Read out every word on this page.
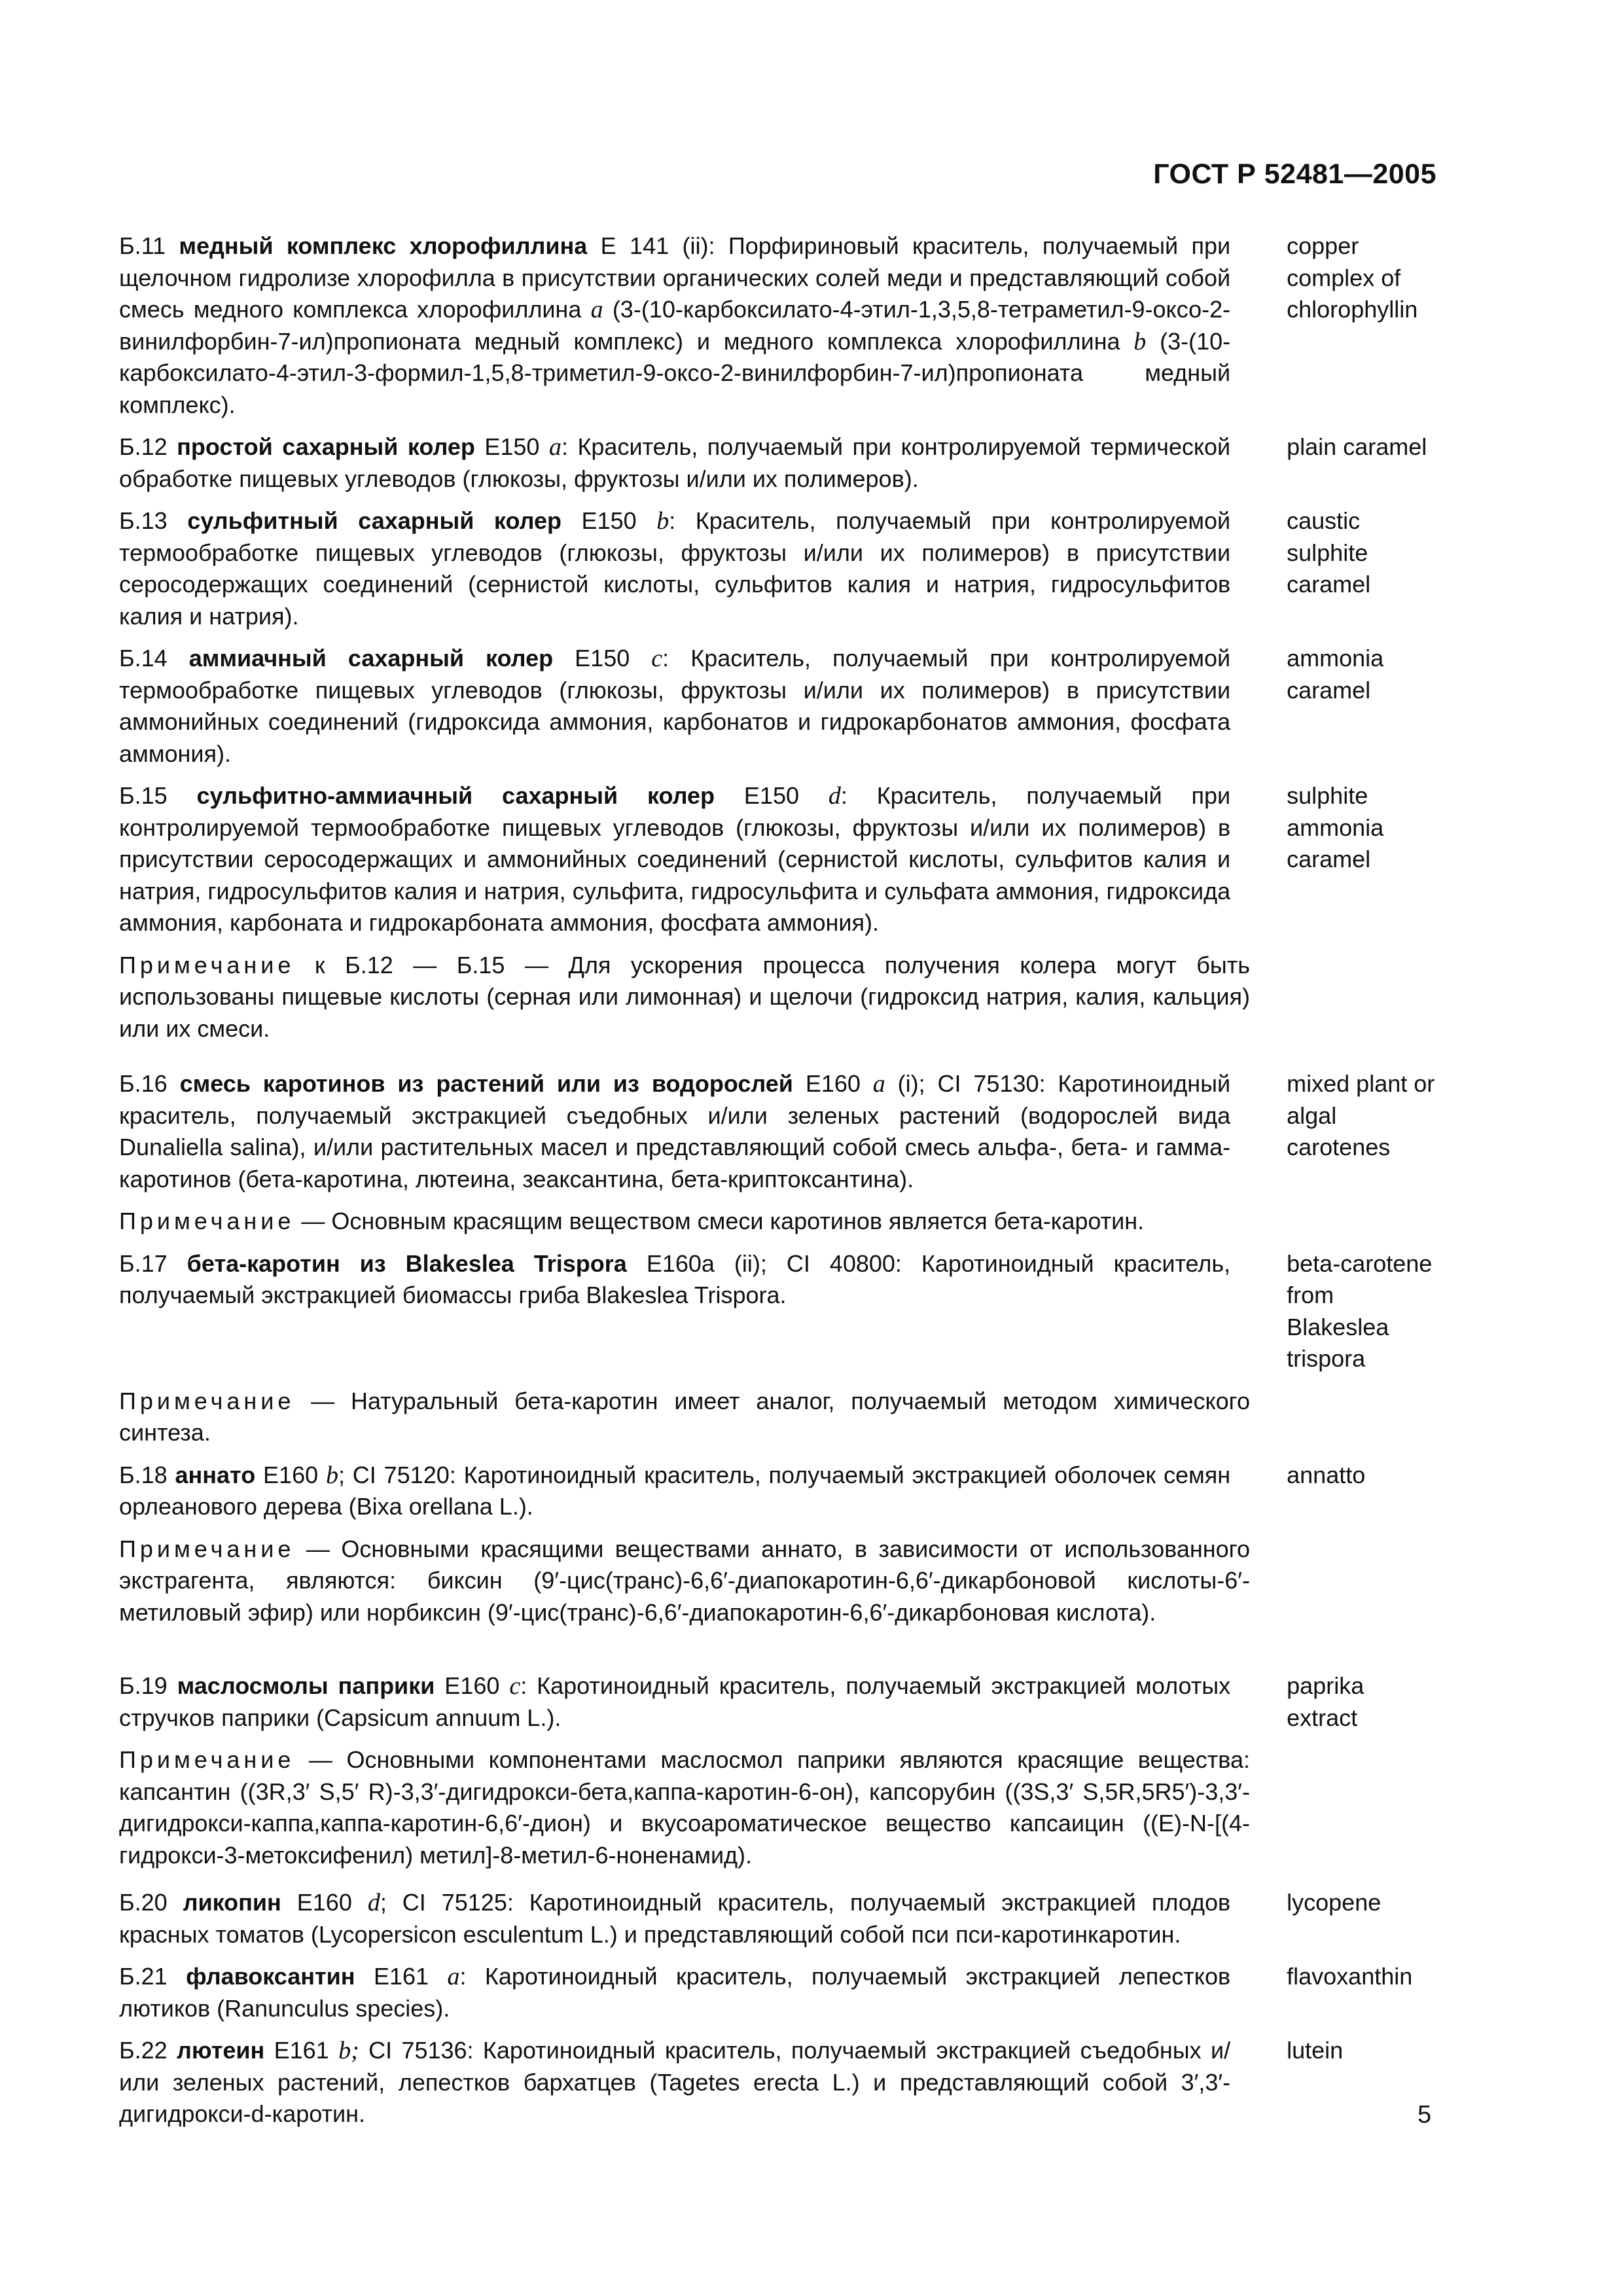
ГОСТ Р 52481—2005
Б.11 медный комплекс хлорофиллина Е 141 (ii): Порфириновый краситель, получаемый при щелочном гидролизе хлорофилла в присутствии органических солей меди и представляющий собой смесь медного комплекса хлорофиллина a (3-(10-карбоксилато-4-этил-1,3,5,8-тетраметил-9-оксо-2-винилфорбин-7-ил)пропионата медный комплекс) и медного комплекса хлорофиллина b (3-(10-карбоксилато-4-этил-3-формил-1,5,8-триметил-9-оксо-2-винилфорбин-7-ил)пропионата медный комплекс).
copper complex of chlorophyllin
Б.12 простой сахарный колер Е150 a: Краситель, получаемый при контролируемой термической обработке пищевых углеводов (глюкозы, фруктозы и/или их полимеров).
plain caramel
Б.13 сульфитный сахарный колер Е150 b: Краситель, получаемый при контролируемой термообработке пищевых углеводов (глюкозы, фруктозы и/или их полимеров) в присутствии серосодержащих соединений (сернистой кислоты, сульфитов калия и натрия, гидросульфитов калия и натрия).
caustic sulphite caramel
Б.14 аммиачный сахарный колер Е150 c: Краситель, получаемый при контролируемой термообработке пищевых углеводов (глюкозы, фруктозы и/или их полимеров) в присутствии аммонийных соединений (гидроксида аммония, карбонатов и гидрокарбонатов аммония, фосфата аммония).
ammonia caramel
Б.15 сульфитно-аммиачный сахарный колер Е150 d: Краситель, получаемый при контролируемой термообработке пищевых углеводов (глюкозы, фруктозы и/или их полимеров) в присутствии серосодержащих и аммонийных соединений (сернистой кислоты, сульфитов калия и натрия, гидросульфитов калия и натрия, сульфита, гидросульфита и сульфата аммония, гидроксида аммония, карбоната и гидрокарбоната аммония, фосфата аммония).
sulphite ammonia caramel
Примечание к Б.12 — Б.15 — Для ускорения процесса получения колера могут быть использованы пищевые кислоты (серная или лимонная) и щелочи (гидроксид натрия, калия, кальция) или их смеси.
Б.16 смесь каротинов из растений или из водорослей Е160 a (i); CI 75130: Каротиноидный краситель, получаемый экстракцией съедобных и/или зеленых растений (водорослей вида Dunaliella salina), и/или растительных масел и представляющий собой смесь альфа-, бета- и гамма-каротинов (бета-каротина, лютеина, зеаксантина, бета-криптоксантина).
mixed plant or algal carotenes
Примечание — Основным красящим веществом смеси каротинов является бета-каротин.
Б.17 бета-каротин из Blakeslea Trispora Е160а (ii); CI 40800: Каротиноидный краситель, получаемый экстракцией биомассы гриба Blakeslea Trispora.
beta-carotene from Blakeslea trispora
Примечание — Натуральный бета-каротин имеет аналог, получаемый методом химического синтеза.
Б.18 аннато Е160 b; CI 75120: Каротиноидный краситель, получаемый экстракцией оболочек семян орлеанового дерева (Bixa orellana L.).
annatto
Примечание — Основными красящими веществами аннато, в зависимости от использованного экстрагента, являются: биксин (9′-цис(транс)-6,6′-диапокаротин-6,6′-дикарбоновой кислоты-6′-метиловый эфир) или норбиксин (9′-цис(транс)-6,6′-диапокаротин-6,6′-дикарбоновая кислота).
Б.19 маслосмолы паприки Е160 c: Каротиноидный краситель, получаемый экстракцией молотых стручков паприки (Capsicum annuum L.).
paprika extract
Примечание — Основными компонентами маслосмол паприки являются красящие вещества: капсантин ((3R,3′ S,5′ R)-3,3′-дигидрокси-бета,каппа-каротин-6-он), капсорубин ((3S,3′ S,5R,5R5′)-3,3′-дигидрокси-каппа,каппа-каротин-6,6′-дион) и вкусоароматическое вещество капсаицин ((E)-N-[(4-гидрокси-3-метоксифенил) метил]-8-метил-6-ноненамид).
Б.20 ликопин Е160 d; CI 75125: Каротиноидный краситель, получаемый экстракцией плодов красных томатов (Lycopersicon esculentum L.) и представляющий собой пси пси-каротинкаротин.
lycopene
Б.21 флавоксантин Е161 a: Каротиноидный краситель, получаемый экстракцией лепестков лютиков (Ranunculus species).
flavoxanthin
Б.22 лютеин Е161 b; CI 75136: Каротиноидный краситель, получаемый экстракцией съедобных и/или зеленых растений, лепестков бархатцев (Tagetes erecta L.) и представляющий собой 3′,3′-дигидрокси-d-каротин.
lutein
5
